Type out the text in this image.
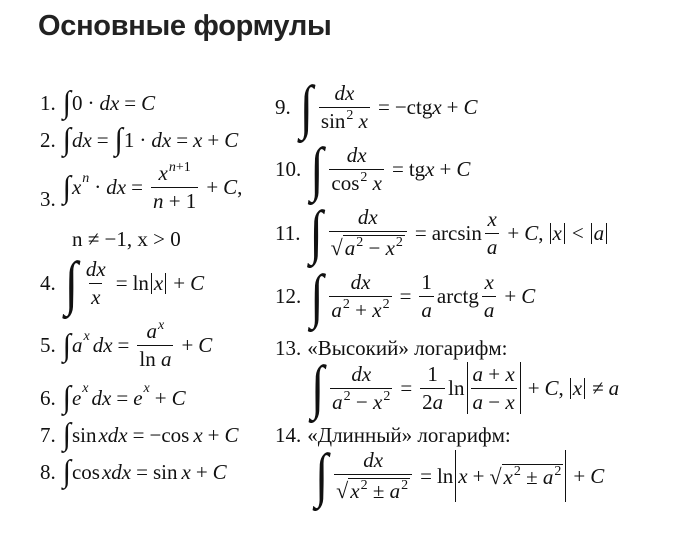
Основные формулы
1. ∫ 0 · dx = C
2. ∫ dx = ∫ 1 · dx = x + C
3. ∫ x $^n$ · dx = $\frac{x^{n+1}}{n + 1} + C$ ,
n ≠ −1, x > 0
4. ∫ $\frac{dx}{x} = \ln x + C$
5. ∫ a $^x$ dx = $\frac{a^x}{\text{ln a}} + C$
6. ∫ e $^x$ dx = e $^x$ + C
7. ∫ sin xdx = −cos x + C
8. ∫ cos xdx = sin x + C
9. ∫ $\frac{dx}{\sin^2 x} = -ctg$ x + C
10. ∫ $\frac{dx}{\cos^2 x}$ = tg x + C
11. ∫ $\frac{dx}{√ a^2 - x^2} = \arcsin \frac{x}{a} + C$ , x < a
12. ∫ $\frac{dx}{a^2 + x^2} = \frac{1}{a}$ arctg $\frac{x}{a} + C$
13. «Высокий» логарифм:
∫ $\frac{dx}{a^2 - x^2} = \frac{1}{2a}$ $\ln \frac{a + x}{a - x} + C$ , x ≠ a
14. «Длинный» логарифм:
∫ $\frac{dx}{√ x^2 \pm a^2} = \ln x$ + √ $x^2 \pm a^2 + C$
